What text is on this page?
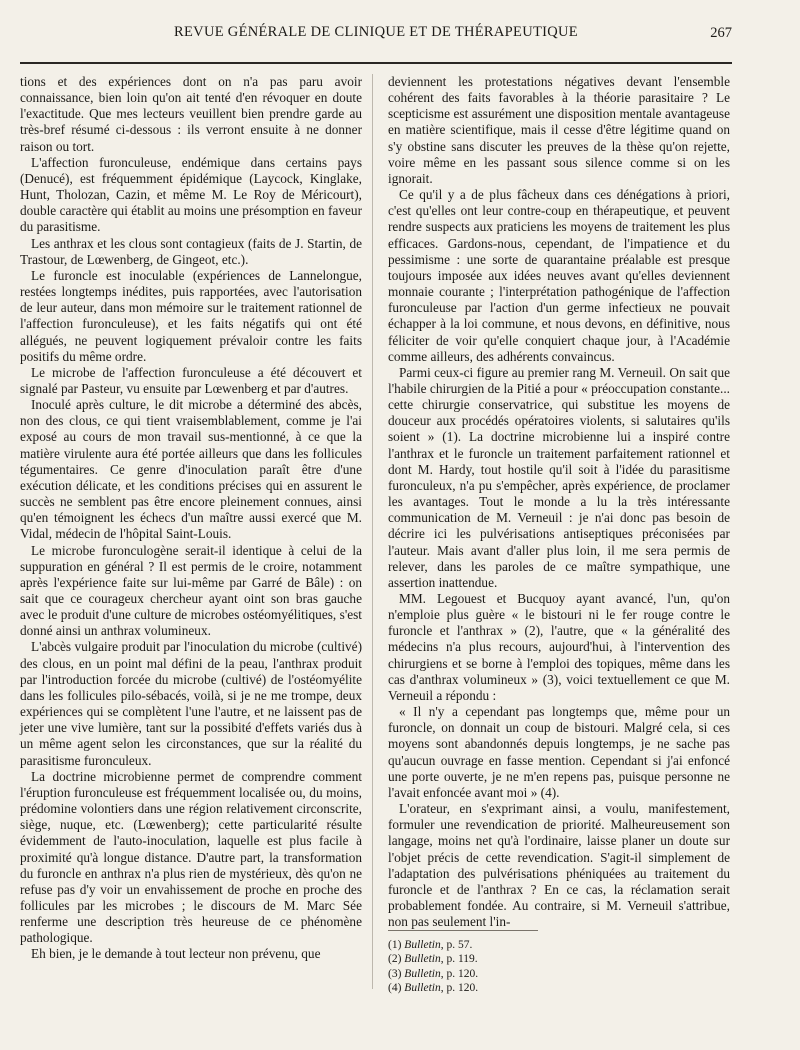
REVUE GÉNÉRALE DE CLINIQUE ET DE THÉRAPEUTIQUE	267

tions et des expériences dont on n'a pas paru avoir connaissance, bien loin qu'on ait tenté d'en révoquer en doute l'exactitude. Que mes lecteurs veuillent bien prendre garde au très-bref résumé ci-dessous : ils verront ensuite à ne donner raison ou tort.

L'affection furonculeuse, endémique dans certains pays (Denucé), est fréquemment épidémique (Laycock, Kinglake, Hunt, Tholozan, Cazin, et même M. Le Roy de Méricourt), double caractère qui établit au moins une présomption en faveur du parasitisme.

Les anthrax et les clous sont contagieux (faits de J. Startin, de Trastour, de Lœwenberg, de Gingeot, etc.).

Le furoncle est inoculable (expériences de Lannelongue, restées longtemps inédites, puis rapportées, avec l'autorisation de leur auteur, dans mon mémoire sur le traitement rationnel de l'affection furonculeuse), et les faits négatifs qui ont été allégués, ne peuvent logiquement prévaloir contre les faits positifs du même ordre.

Le microbe de l'affection furonculeuse a été découvert et signalé par Pasteur, vu ensuite par Lœwenberg et par d'autres.

Inoculé après culture, le dit microbe a déterminé des abcès, non des clous, ce qui tient vraisemblablement, comme je l'ai exposé au cours de mon travail sus-mentionné, à ce que la matière virulente aura été portée ailleurs que dans les follicules tégumentaires. Ce genre d'inoculation paraît être d'une exécution délicate, et les conditions précises qui en assurent le succès ne semblent pas être encore pleinement connues, ainsi qu'en témoignent les échecs d'un maître aussi exercé que M. Vidal, médecin de l'hôpital Saint-Louis.

Le microbe furonculogène serait-il identique à celui de la suppuration en général ? Il est permis de le croire, notamment après l'expérience faite sur lui-même par Garré de Bâle) : on sait que ce courageux chercheur ayant oint son bras gauche avec le produit d'une culture de microbes ostéomyélitiques, s'est donné ainsi un anthrax volumineux.

L'abcès vulgaire produit par l'inoculation du microbe (cultivé) des clous, en un point mal défini de la peau, l'anthrax produit par l'introduction forcée du microbe (cultivé) de l'ostéomyélite dans les follicules pilo-sébacés, voilà, si je ne me trompe, deux expériences qui se complètent l'une l'autre, et ne laissent pas de jeter une vive lumière, tant sur la possibité d'effets variés dus à un même agent selon les circonstances, que sur la réalité du parasitisme furonculeux.

La doctrine microbienne permet de comprendre comment l'éruption furonculeuse est fréquemment localisée ou, du moins, prédomine volontiers dans une région relativement circonscrite, siège, nuque, etc. (Lœwenberg); cette particularité résulte évidemment de l'auto-inoculation, laquelle est plus facile à proximité qu'à longue distance. D'autre part, la transformation du furoncle en anthrax n'a plus rien de mystérieux, dès qu'on ne refuse pas d'y voir un envahissement de proche en proche des follicules par les microbes ; le discours de M. Marc Sée renferme une description très heureuse de ce phénomène pathologique.

Eh bien, je le demande à tout lecteur non prévenu, que

deviennent les protestations négatives devant l'ensemble cohérent des faits favorables à la théorie parasitaire ? Le scepticisme est assurément une disposition mentale avantageuse en matière scientifique, mais il cesse d'être légitime quand on s'y obstine sans discuter les preuves de la thèse qu'on rejette, voire même en les passant sous silence comme si on les ignorait.

Ce qu'il y a de plus fâcheux dans ces dénégations à priori, c'est qu'elles ont leur contre-coup en thérapeutique, et peuvent rendre suspects aux praticiens les moyens de traitement les plus efficaces. Gardons-nous, cependant, de l'impatience et du pessimisme : une sorte de quarantaine préalable est presque toujours imposée aux idées neuves avant qu'elles deviennent monnaie courante ; l'interprétation pathogénique de l'affection furonculeuse par l'action d'un germe infectieux ne pouvait échapper à la loi commune, et nous devons, en définitive, nous féliciter de voir qu'elle conquiert chaque jour, à l'Académie comme ailleurs, des adhérents convaincus.

Parmi ceux-ci figure au premier rang M. Verneuil. On sait que l'habile chirurgien de la Pitié a pour « préoccupation constante... cette chirurgie conservatrice, qui substitue les moyens de douceur aux procédés opératoires violents, si salutaires qu'ils soient » (1). La doctrine microbienne lui a inspiré contre l'anthrax et le furoncle un traitement parfaitement rationnel et dont M. Hardy, tout hostile qu'il soit à l'idée du parasitisme furonculeux, n'a pu s'empêcher, après expérience, de proclamer les avantages. Tout le monde a lu la très intéressante communication de M. Verneuil : je n'ai donc pas besoin de décrire ici les pulvérisations antiseptiques préconisées par l'auteur. Mais avant d'aller plus loin, il me sera permis de relever, dans les paroles de ce maître sympathique, une assertion inattendue.

MM. Legouest et Bucquoy ayant avancé, l'un, qu'on n'emploie plus guère « le bistouri ni le fer rouge contre le furoncle et l'anthrax » (2), l'autre, que « la généralité des médecins n'a plus recours, aujourd'hui, à l'intervention des chirurgiens et se borne à l'emploi des topiques, même dans les cas d'anthrax volumineux » (3), voici textuellement ce que M. Verneuil a répondu :

« Il n'y a cependant pas longtemps que, même pour un furoncle, on donnait un coup de bistouri. Malgré cela, si ces moyens sont abandonnés depuis longtemps, je ne sache pas qu'aucun ouvrage en fasse mention. Cependant si j'ai enfoncé une porte ouverte, je ne m'en repens pas, puisque personne ne l'avait enfoncée avant moi » (4).

L'orateur, en s'exprimant ainsi, a voulu, manifestement, formuler une revendication de priorité. Malheureusement son langage, moins net qu'à l'ordinaire, laisse planer un doute sur l'objet précis de cette revendication. S'agit-il simplement de l'adaptation des pulvérisations phéniquées au traitement du furoncle et de l'anthrax ? En ce cas, la réclamation serait probablement fondée. Au contraire, si M. Verneuil s'attribue, non pas seulement l'in-

(1) Bulletin, p. 57.
(2) Bulletin, p. 119.
(3) Bulletin, p. 120.
(4) Bulletin, p. 120.
